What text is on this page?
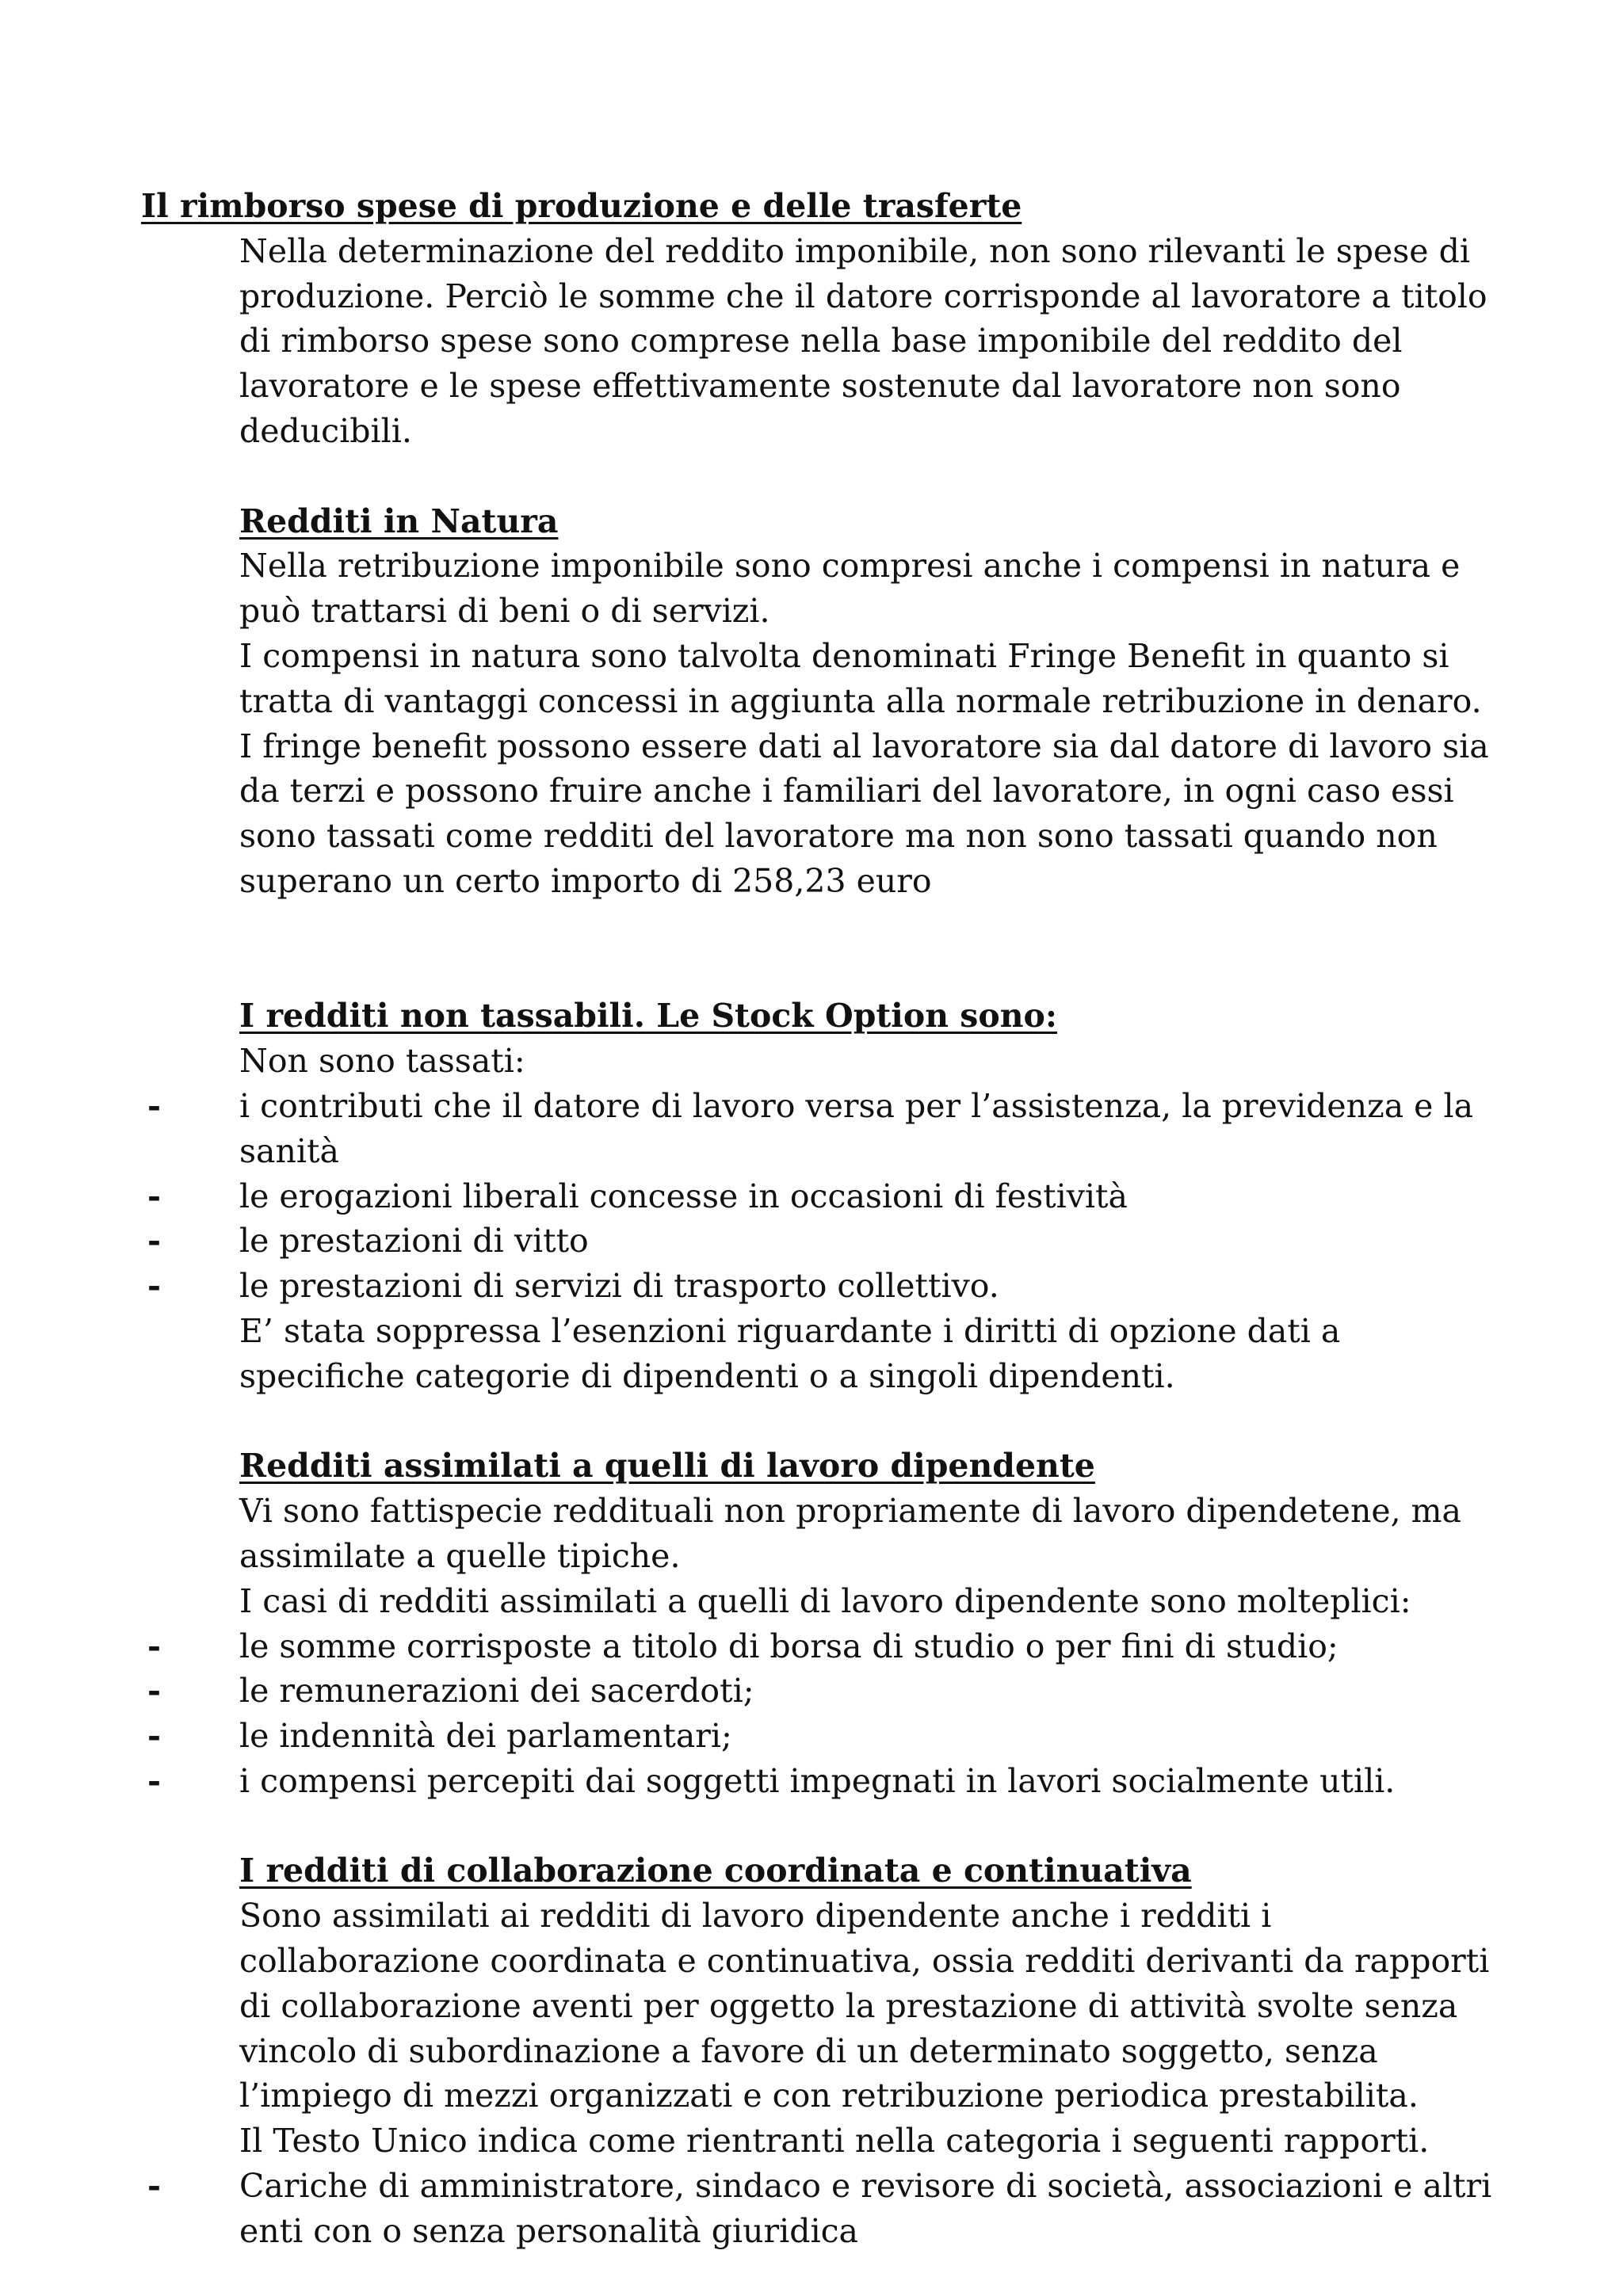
Il rimborso spese di produzione e delle trasferte

Nella determinazione del reddito imponibile, non sono rilevanti le spese di produzione. Perciò le somme che il datore corrisponde al lavoratore a titolo di rimborso spese sono comprese nella base imponibile del reddito del lavoratore e le spese effettivamente sostenute dal lavoratore non sono deducibili.

Redditi in Natura

Nella retribuzione imponibile sono compresi anche i compensi in natura e può trattarsi di beni o di servizi.

I compensi in natura sono talvolta denominati Fringe Benefit in quanto si tratta di vantaggi concessi in aggiunta alla normale retribuzione in denaro. I fringe benefit possono essere dati al lavoratore sia dal datore di lavoro sia da terzi e possono fruire anche i familiari del lavoratore, in ogni caso essi sono tassati come redditi del lavoratore ma non sono tassati quando non superano un certo importo di 258,23 euro

I redditi non tassabili. Le Stock Option sono:

Non sono tassati:

- i contributi che il datore di lavoro versa per l’assistenza, la previdenza e la sanità
- le erogazioni liberali concesse in occasioni di festività
- le prestazioni di vitto
- le prestazioni di servizi di trasporto collettivo.

E’ stata soppressa l’esenzioni riguardante i diritti di opzione dati a specifiche categorie di dipendenti o a singoli dipendenti.

Redditi assimilati a quelli di lavoro dipendente

Vi sono fattispecie reddituali non propriamente di lavoro dipendetene, ma assimilate a quelle tipiche.

I casi di redditi assimilati a quelli di lavoro dipendente sono molteplici:

- le somme corrisposte a titolo di borsa di studio o per fini di studio;
- le remunerazioni dei sacerdoti;
- le indennità dei parlamentari;
- i compensi percepiti dai soggetti impegnati in lavori socialmente utili.

I redditi di collaborazione coordinata e continuativa

Sono assimilati ai redditi di lavoro dipendente anche i redditi i collaborazione coordinata e continuativa, ossia redditi derivanti da rapporti di collaborazione aventi per oggetto la prestazione di attività svolte senza vincolo di subordinazione a favore di un determinato soggetto, senza l’impiego di mezzi organizzati e con retribuzione periodica prestabilita.

Il Testo Unico indica come rientranti nella categoria i seguenti rapporti.

- Cariche di amministratore, sindaco e revisore di società, associazioni e altri enti con o senza personalità giuridica
